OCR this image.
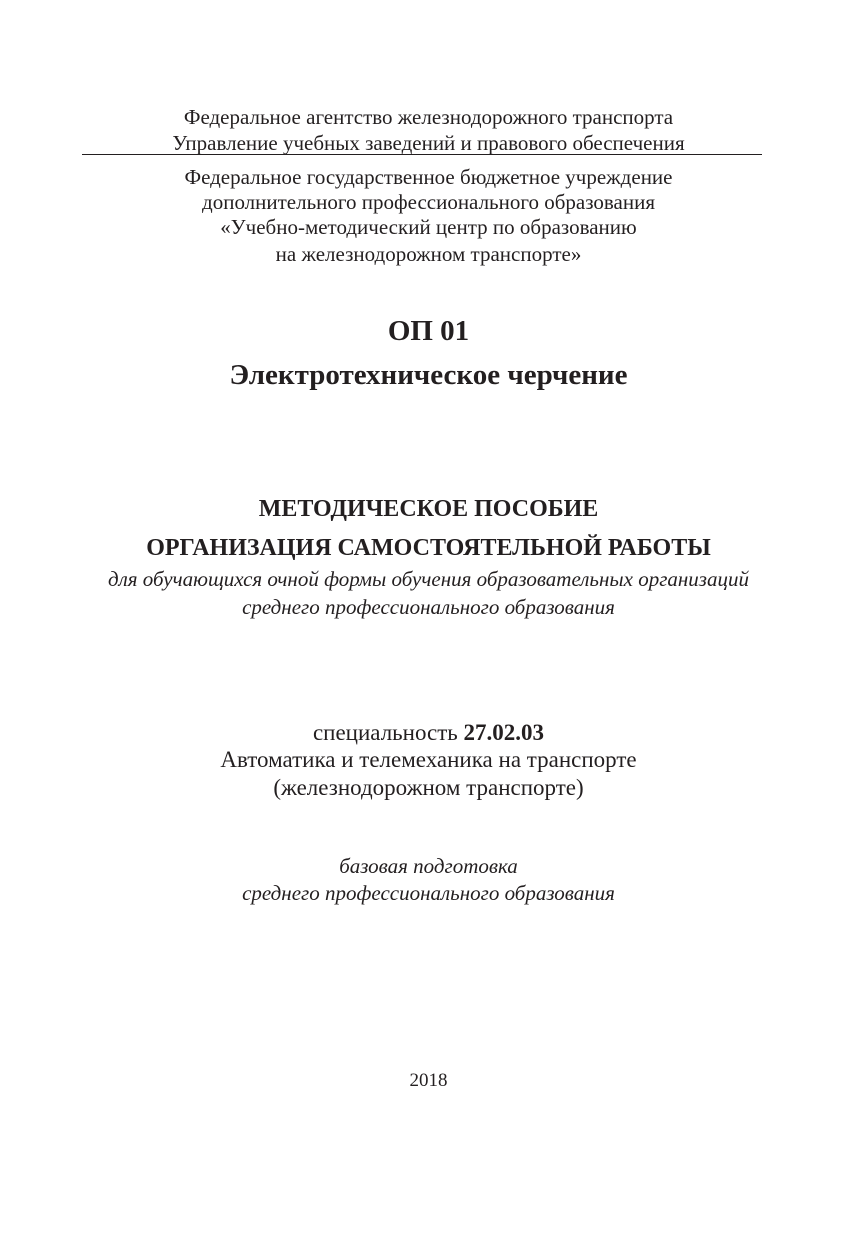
Федеральное агентство железнодорожного транспорта
Управление учебных заведений и правового обеспечения
Федеральное государственное бюджетное учреждение
дополнительного профессионального образования
«Учебно-методический центр по образованию
на железнодорожном транспорте»
ОП 01
Электротехническое черчение
МЕТОДИЧЕСКОЕ ПОСОБИЕ
ОРГАНИЗАЦИЯ САМОСТОЯТЕЛЬНОЙ РАБОТЫ
для обучающихся очной формы обучения образовательных организаций
среднего профессионального образования
специальность 27.02.03
Автоматика и телемеханика на транспорте
(железнодорожном транспорте)
базовая подготовка
среднего профессионального образования
2018
